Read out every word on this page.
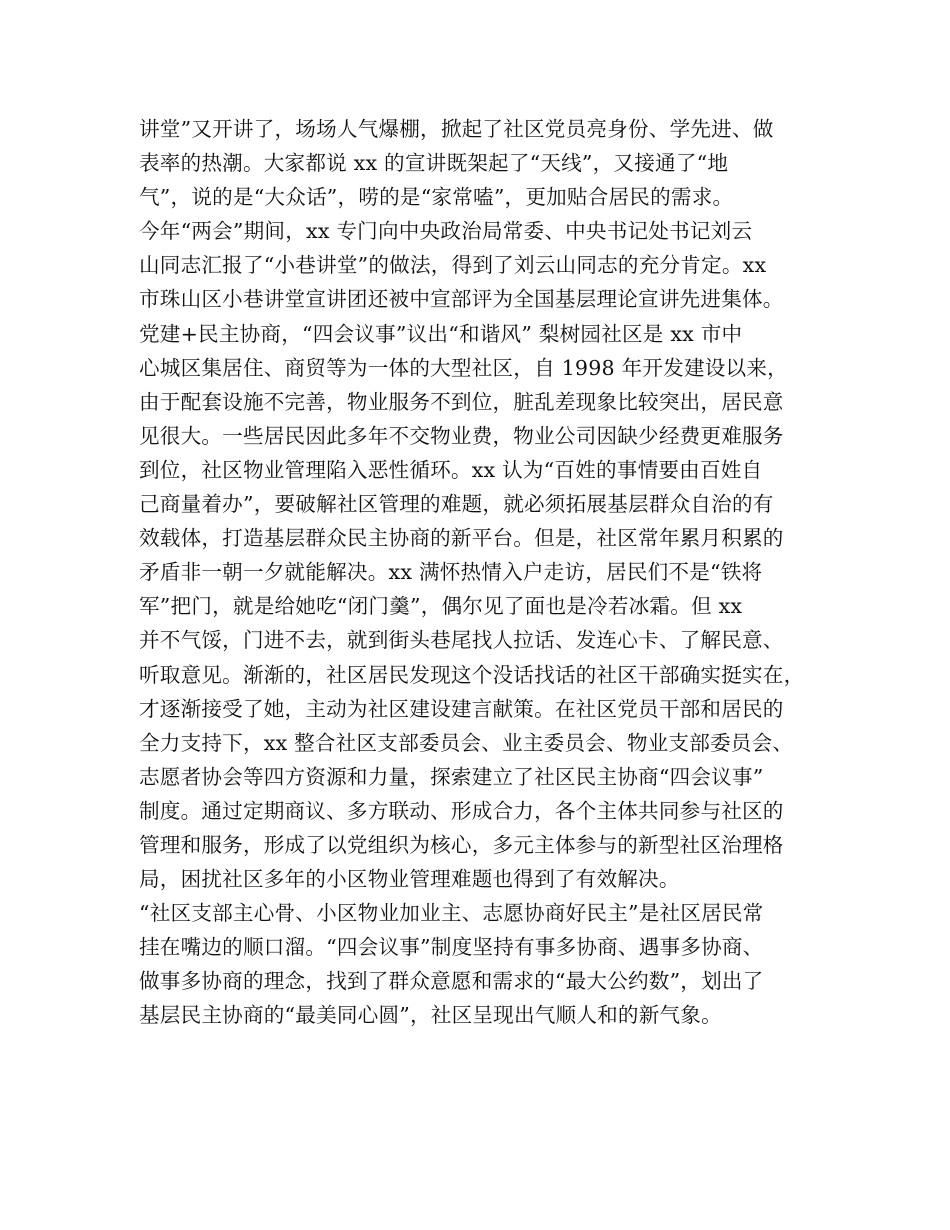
讲堂”又开讲了，场场人气爆棚，掀起了社区党员亮身份、学先进、做
表率的热潮。大家都说 xx 的宣讲既架起了“天线”，又接通了“地
气”，说的是“大众话”，唠的是“家常嗑”，更加贴合居民的需求。
今年“两会”期间，xx 专门向中央政治局常委、中央书记处书记刘云
山同志汇报了“小巷讲堂”的做法，得到了刘云山同志的充分肯定。xx
市珠山区小巷讲堂宣讲团还被中宣部评为全国基层理论宣讲先进集体。
党建+民主协商，“四会议事”议出“和谐风” 梨树园社区是 xx 市中
心城区集居住、商贸等为一体的大型社区，自 1998 年开发建设以来，
由于配套设施不完善，物业服务不到位，脏乱差现象比较突出，居民意
见很大。一些居民因此多年不交物业费，物业公司因缺少经费更难服务
到位，社区物业管理陷入恶性循环。xx 认为“百姓的事情要由百姓自
己商量着办”，要破解社区管理的难题，就必须拓展基层群众自治的有
效载体，打造基层群众民主协商的新平台。但是，社区常年累月积累的
矛盾非一朝一夕就能解决。xx 满怀热情入户走访，居民们不是“铁将
军”把门，就是给她吃“闭门羹”，偶尔见了面也是冷若冰霜。但 xx
并不气馁，门进不去，就到街头巷尾找人拉话、发连心卡、了解民意、
听取意见。渐渐的，社区居民发现这个没话找话的社区干部确实挺实在，
才逐渐接受了她，主动为社区建设建言献策。在社区党员干部和居民的
全力支持下，xx 整合社区支部委员会、业主委员会、物业支部委员会、
志愿者协会等四方资源和力量，探索建立了社区民主协商“四会议事”
制度。通过定期商议、多方联动、形成合力，各个主体共同参与社区的
管理和服务，形成了以党组织为核心，多元主体参与的新型社区治理格
局，困扰社区多年的小区物业管理难题也得到了有效解决。
“社区支部主心骨、小区物业加业主、志愿协商好民主”是社区居民常
挂在嘴边的顺口溜。“四会议事”制度坚持有事多协商、遇事多协商、
做事多协商的理念，找到了群众意愿和需求的“最大公约数”，划出了
基层民主协商的“最美同心圆”，社区呈现出气顺人和的新气象。
